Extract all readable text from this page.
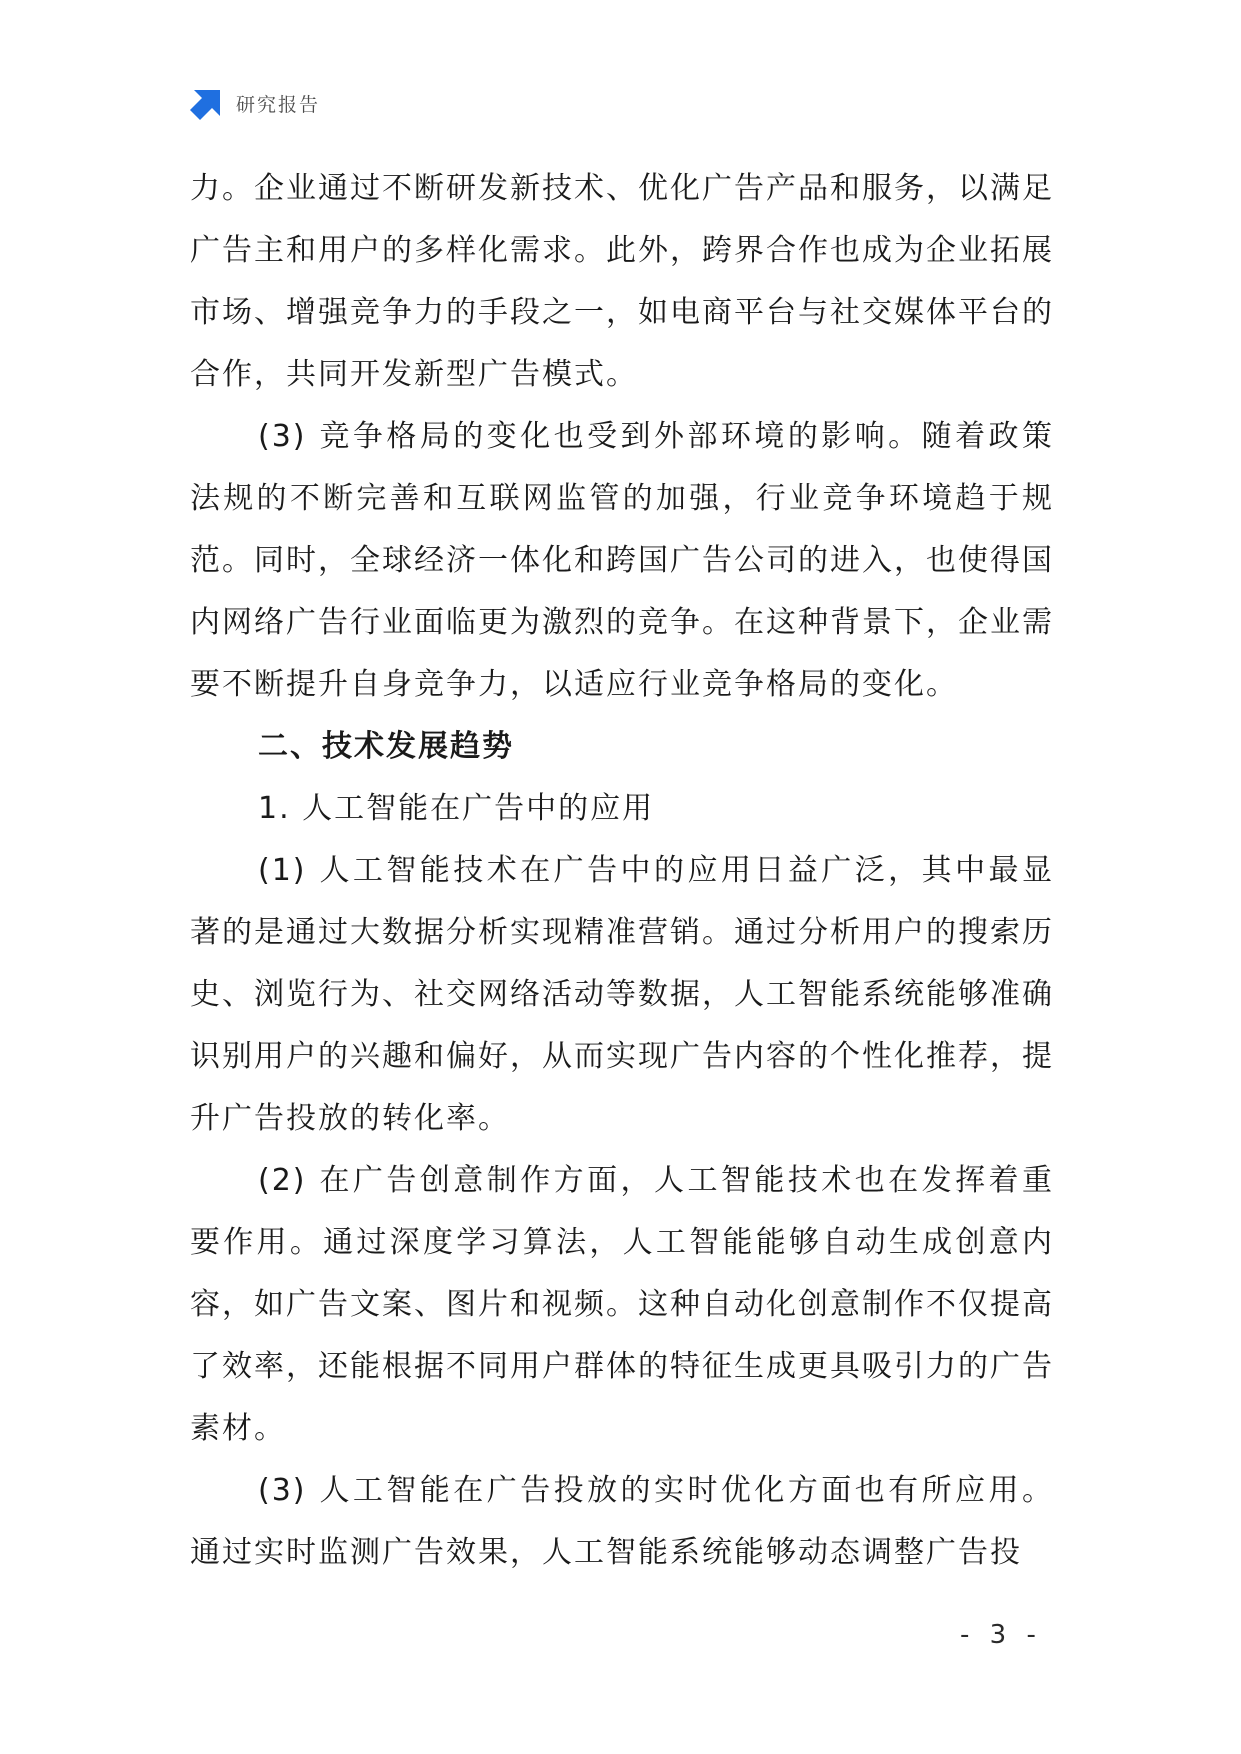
研究报告

力。企业通过不断研发新技术、优化广告产品和服务，以满足广告主和用户的多样化需求。此外，跨界合作也成为企业拓展市场、增强竞争力的手段之一，如电商平台与社交媒体平台的合作，共同开发新型广告模式。

(3) 竞争格局的变化也受到外部环境的影响。随着政策法规的不断完善和互联网监管的加强，行业竞争环境趋于规范。同时，全球经济一体化和跨国广告公司的进入，也使得国内网络广告行业面临更为激烈的竞争。在这种背景下，企业需要不断提升自身竞争力，以适应行业竞争格局的变化。

二、技术发展趋势

1. 人工智能在广告中的应用

(1) 人工智能技术在广告中的应用日益广泛，其中最显著的是通过大数据分析实现精准营销。通过分析用户的搜索历史、浏览行为、社交网络活动等数据，人工智能系统能够准确识别用户的兴趣和偏好，从而实现广告内容的个性化推荐，提升广告投放的转化率。

(2) 在广告创意制作方面，人工智能技术也在发挥着重要作用。通过深度学习算法，人工智能能够自动生成创意内容，如广告文案、图片和视频。这种自动化创意制作不仅提高了效率，还能根据不同用户群体的特征生成更具吸引力的广告素材。

(3) 人工智能在广告投放的实时优化方面也有所应用。通过实时监测广告效果，人工智能系统能够动态调整广告投

- 3 -
